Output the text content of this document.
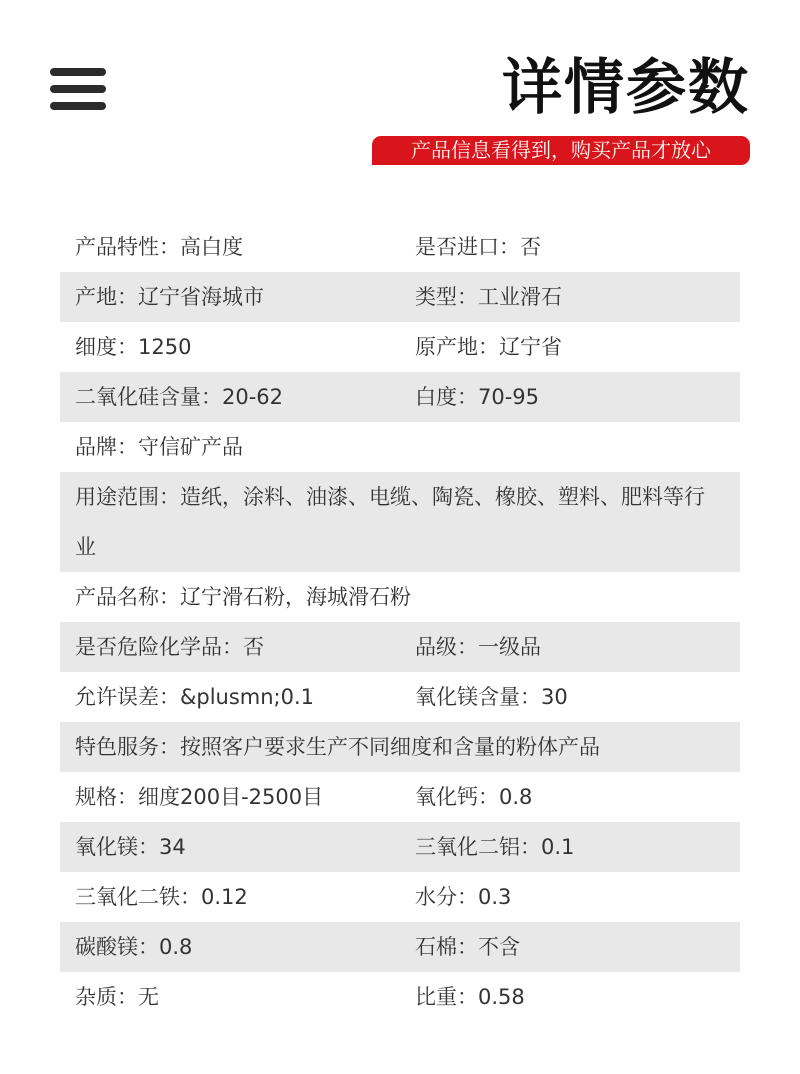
详情参数
产品信息看得到，购买产品才放心
产品特性：高白度	是否进口：否
产地：辽宁省海城市	类型：工业滑石
细度：1250	原产地：辽宁省
二氧化硅含量：20-62	白度：70-95
品牌：守信矿产品
用途范围：造纸，涂料、油漆、电缆、陶瓷、橡胶、塑料、肥料等行业
产品名称：辽宁滑石粉，海城滑石粉
是否危险化学品：否	品级：一级品
允许误差：&plusmn;0.1	氧化镁含量：30
特色服务：按照客户要求生产不同细度和含量的粉体产品
规格：细度200目-2500目	氧化钙：0.8
氧化镁：34	三氧化二铝：0.1
三氧化二铁：0.12	水分：0.3
碳酸镁：0.8	石棉：不含
杂质：无	比重：0.58
